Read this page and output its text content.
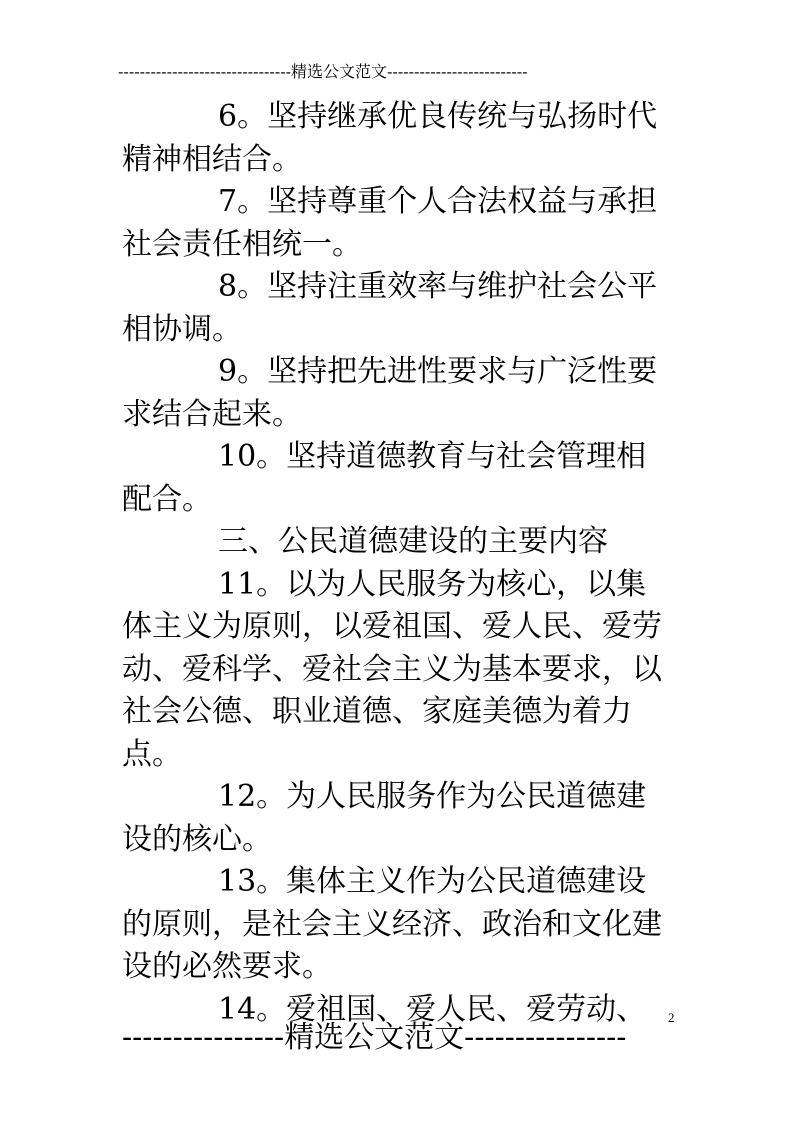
--------------------------------精选公文范文--------------------------

6。坚持继承优良传统与弘扬时代精神相结合。

7。坚持尊重个人合法权益与承担社会责任相统一。

8。坚持注重效率与维护社会公平相协调。

9。坚持把先进性要求与广泛性要求结合起来。

10。坚持道德教育与社会管理相配合。

三、公民道德建设的主要内容

11。以为人民服务为核心，以集体主义为原则，以爱祖国、爱人民、爱劳动、爱科学、爱社会主义为基本要求，以社会公德、职业道德、家庭美德为着力点。

12。为人民服务作为公民道德建设的核心。

13。集体主义作为公民道德建设的原则，是社会主义经济、政治和文化建设的必然要求。

14。爱祖国、爱人民、爱劳动、	2
----------------精选公文范文----------------
